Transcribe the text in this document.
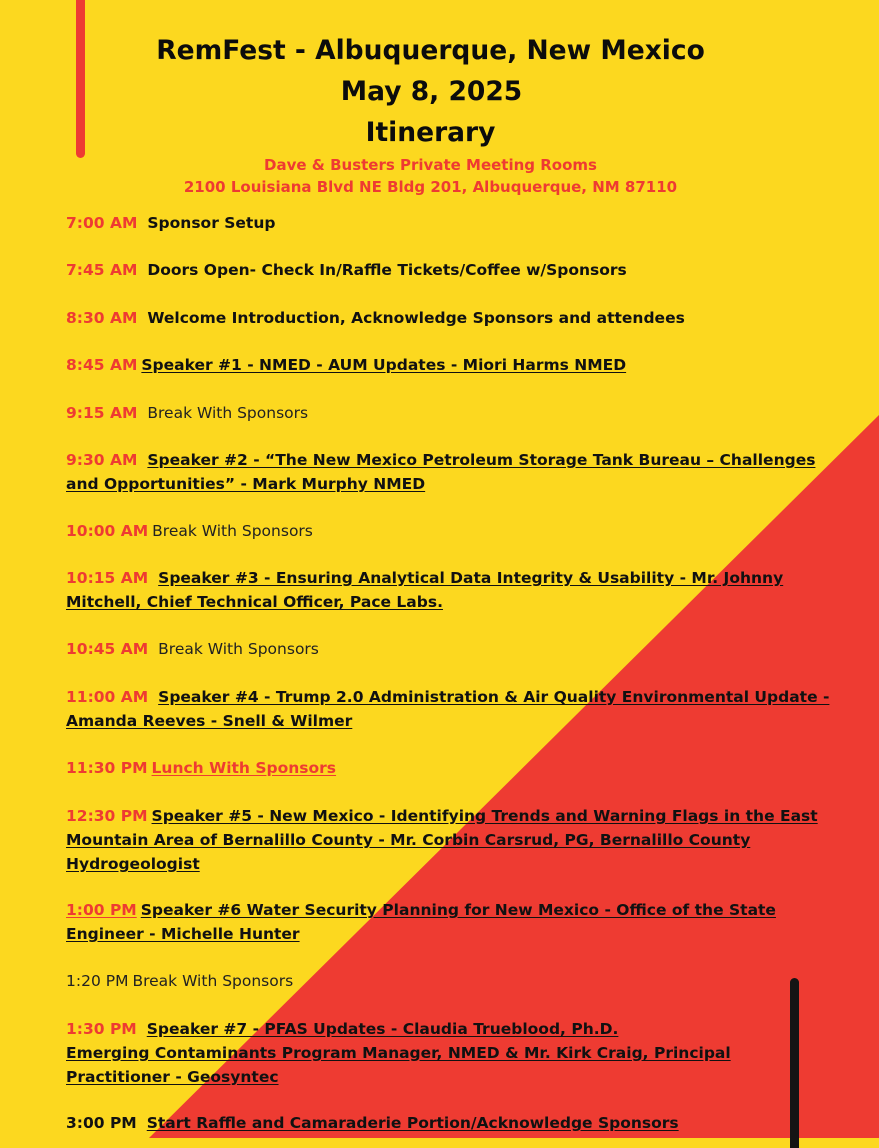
RemFest - Albuquerque, New Mexico
May 8, 2025
Itinerary
Dave & Busters Private Meeting Rooms
2100 Louisiana Blvd NE Bldg 201, Albuquerque, NM 87110
7:00 AM Sponsor Setup
7:45 AM Doors Open- Check In/Raffle Tickets/Coffee w/Sponsors
8:30 AM Welcome Introduction, Acknowledge Sponsors and attendees
8:45 AM Speaker #1 - NMED - AUM Updates - Miori Harms NMED
9:15 AM Break With Sponsors
9:30 AM Speaker #2 - “The New Mexico Petroleum Storage Tank Bureau – Challenges
and Opportunities” - Mark Murphy NMED
10:00 AM Break With Sponsors
10:15 AM Speaker #3 - Ensuring Analytical Data Integrity & Usability - Mr. Johnny
Mitchell, Chief Technical Officer, Pace Labs.
10:45 AM Break With Sponsors
11:00 AM Speaker #4 - Trump 2.0 Administration & Air Quality Environmental Update -
Amanda Reeves - Snell & Wilmer
11:30 PM Lunch With Sponsors
12:30 PM Speaker #5 - New Mexico - Identifying Trends and Warning Flags in the East
Mountain Area of Bernalillo County - Mr. Corbin Carsrud, PG, Bernalillo County
Hydrogeologist
1:00 PM Speaker #6 Water Security Planning for New Mexico - Office of the State
Engineer - Michelle Hunter
1:20 PM Break With Sponsors
1:30 PM Speaker #7 - PFAS Updates - Claudia Trueblood, Ph.D.
Emerging Contaminants Program Manager, NMED & Mr. Kirk Craig, Principal
Practitioner - Geosyntec
3:00 PM Start Raffle and Camaraderie Portion/Acknowledge Sponsors
